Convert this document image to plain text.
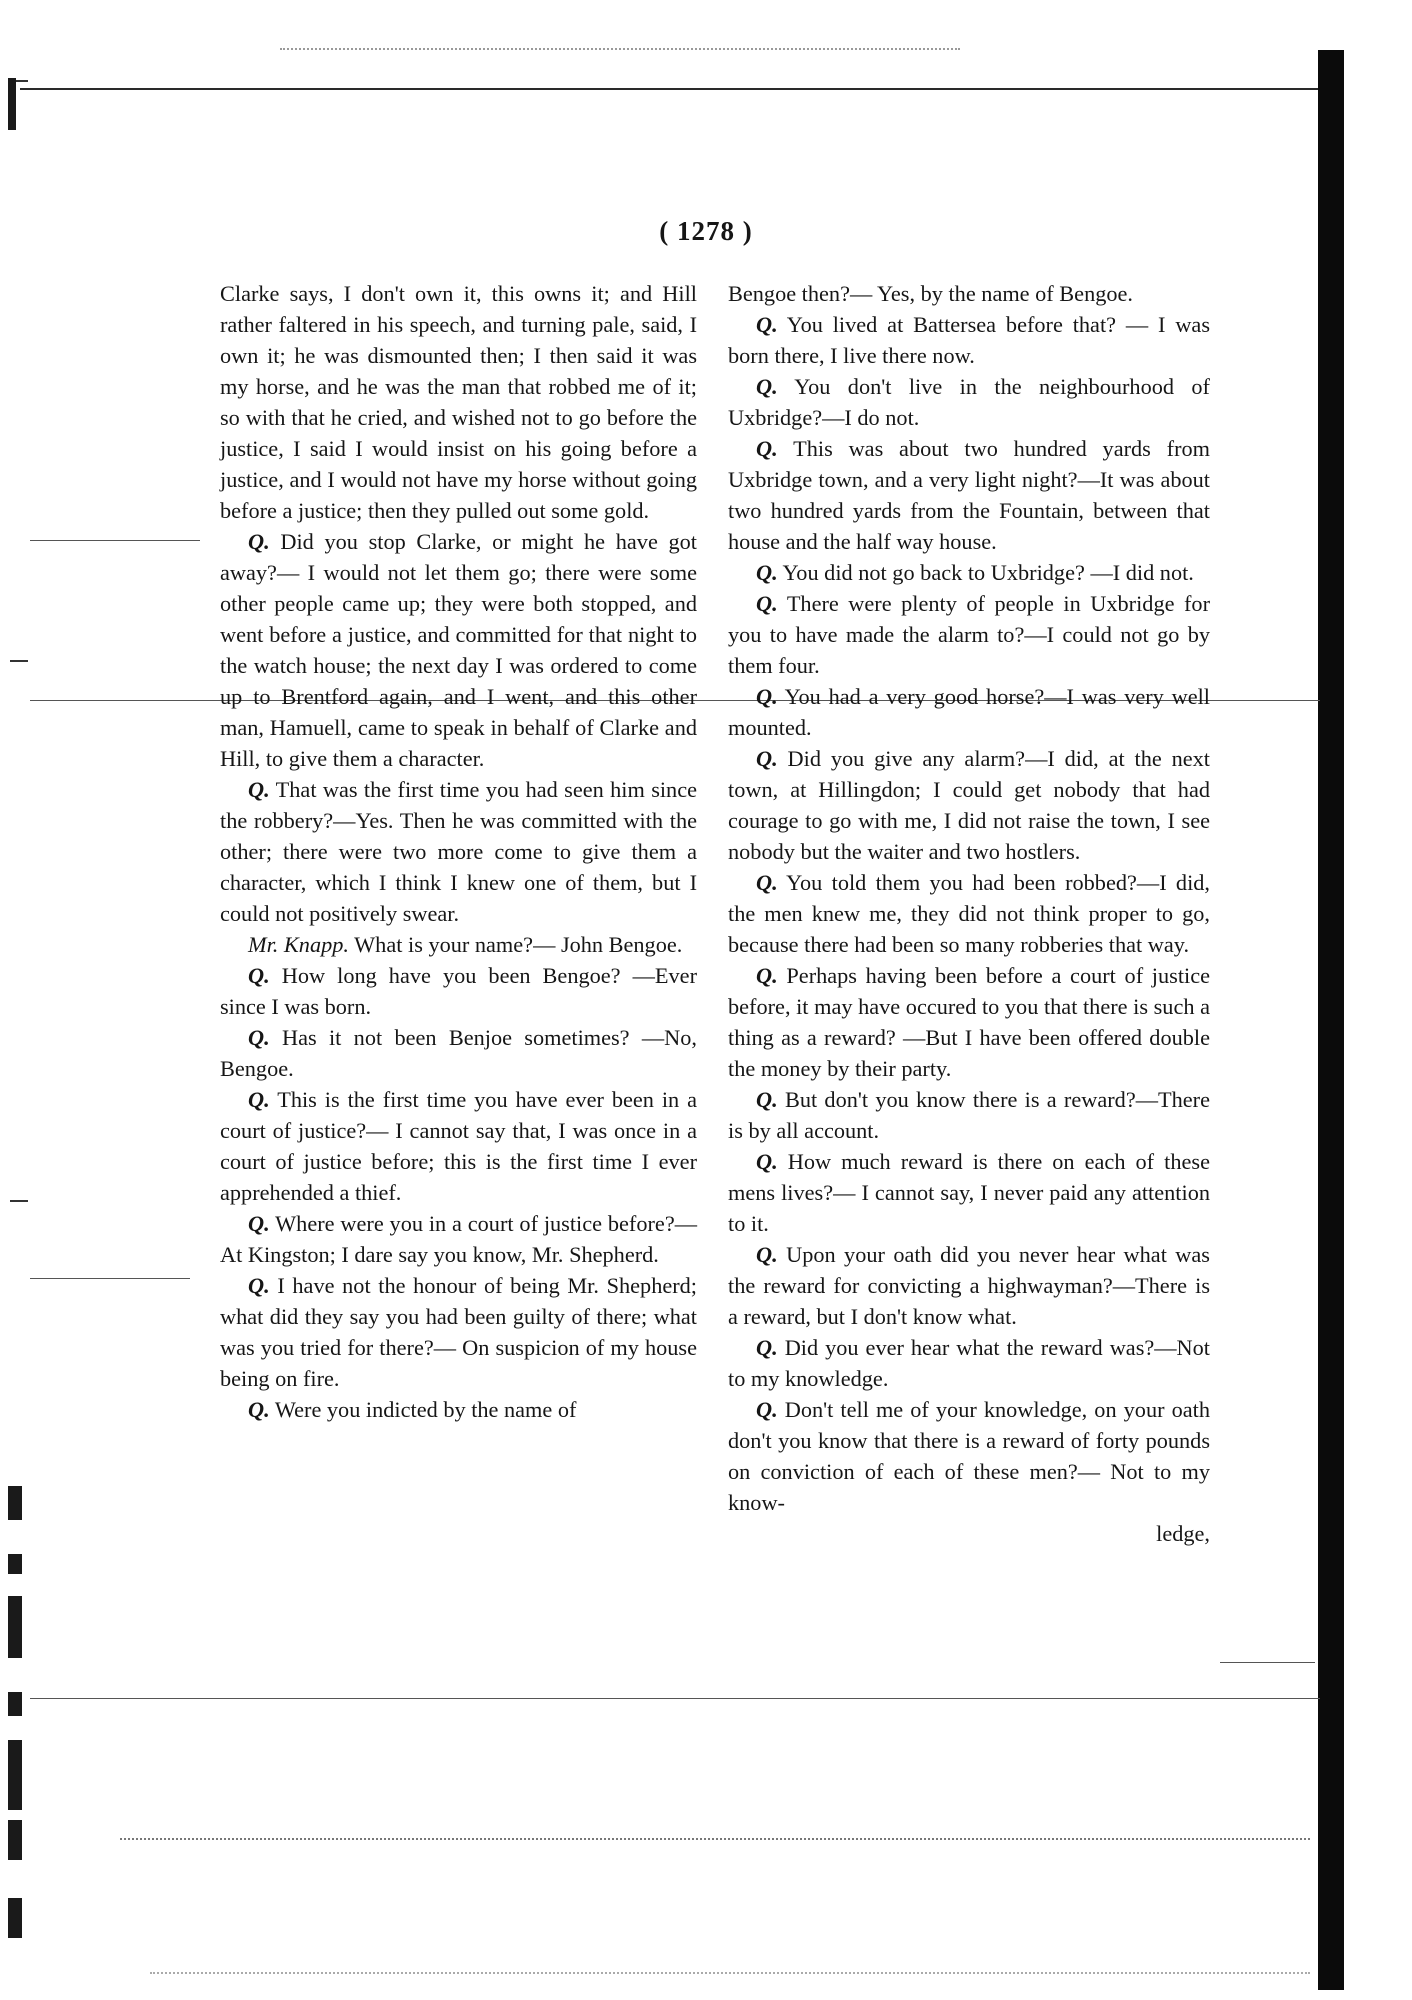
( 1278 )

Clarke says, I don't own it, this owns it; and Hill rather faltered in his speech, and turning pale, said, I own it; he was dismounted then; I then said it was my horse, and he was the man that robbed me of it; so with that he cried, and wished not to go before the justice, I said I would insist on his going before a justice, and I would not have my horse without going before a justice; then they pulled out some gold.

Q. Did you stop Clarke, or might he have got away?— I would not let them go; there were some other people came up; they were both stopped, and went before a justice, and committed for that night to the watch house; the next day I was ordered to come up to Brentford again, and I went, and this other man, Hamuell, came to speak in behalf of Clarke and Hill, to give them a character.

Q. That was the first time you had seen him since the robbery?—Yes. Then he was committed with the other; there were two more come to give them a character, which I think I knew one of them, but I could not positively swear.

Mr. Knapp. What is your name?— John Bengoe.

Q. How long have you been Bengoe? —Ever since I was born.

Q. Has it not been Benjoe sometimes? —No, Bengoe.

Q. This is the first time you have ever been in a court of justice?— I cannot say that, I was once in a court of justice before; this is the first time I ever apprehended a thief.

Q. Where were you in a court of justice before?—At Kingston; I dare say you know, Mr. Shepherd.

Q. I have not the honour of being Mr. Shepherd; what did they say you had been guilty of there; what was you tried for there?— On suspicion of my house being on fire.

Q. Were you indicted by the name of

Bengoe then?— Yes, by the name of Bengoe.

Q. You lived at Battersea before that? — I was born there, I live there now.

Q. You don't live in the neighbourhood of Uxbridge?—I do not.

Q. This was about two hundred yards from Uxbridge town, and a very light night?—It was about two hundred yards from the Fountain, between that house and the half way house.

Q. You did not go back to Uxbridge? —I did not.

Q. There were plenty of people in Uxbridge for you to have made the alarm to?—I could not go by them four.

Q. You had a very good horse?—I was very well mounted.

Q. Did you give any alarm?—I did, at the next town, at Hillingdon; I could get nobody that had courage to go with me, I did not raise the town, I see nobody but the waiter and two hostlers.

Q. You told them you had been robbed?—I did, the men knew me, they did not think proper to go, because there had been so many robberies that way.

Q. Perhaps having been before a court of justice before, it may have occured to you that there is such a thing as a reward? —But I have been offered double the money by their party.

Q. But don't you know there is a reward?—There is by all account.

Q. How much reward is there on each of these mens lives?— I cannot say, I never paid any attention to it.

Q. Upon your oath did you never hear what was the reward for convicting a highwayman?—There is a reward, but I don't know what.

Q. Did you ever hear what the reward was?—Not to my knowledge.

Q. Don't tell me of your knowledge, on your oath don't you know that there is a reward of forty pounds on conviction of each of these men?— Not to my know-

ledge,
